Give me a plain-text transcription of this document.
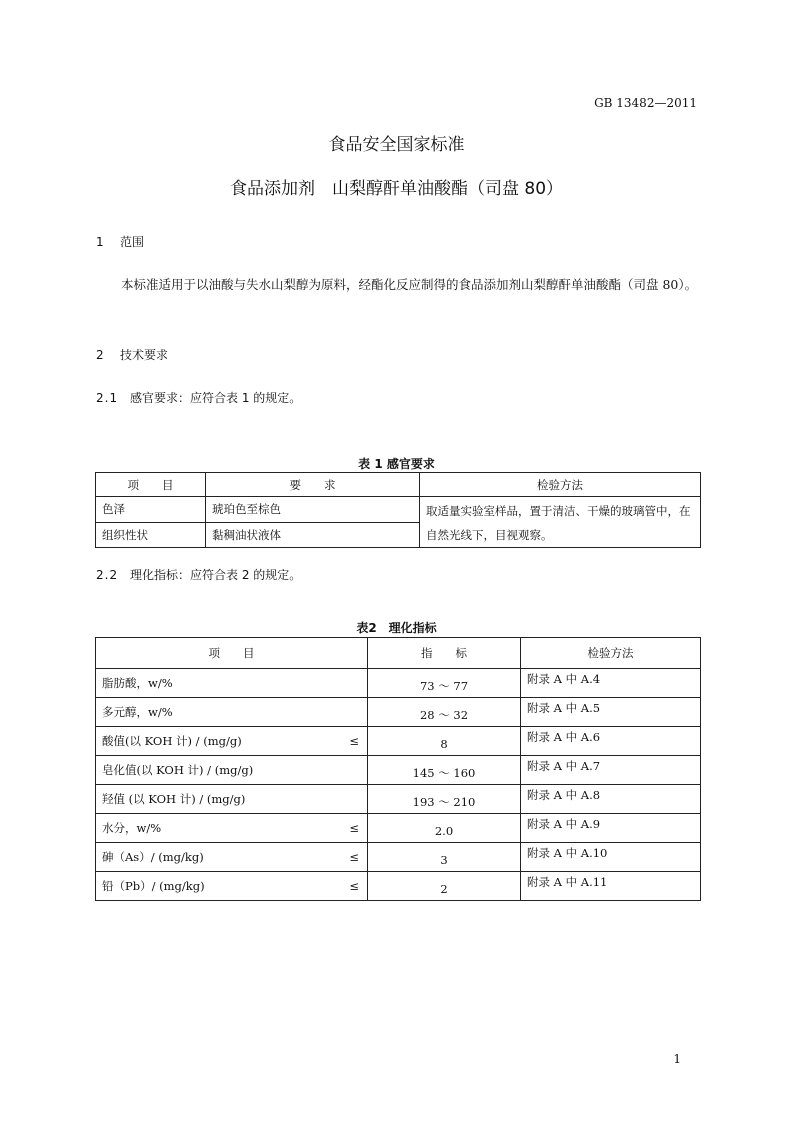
GB 13482—2011
食品安全国家标准
食品添加剂　山梨醇酐单油酸酯（司盘 80）
1 范围
本标准适用于以油酸与失水山梨醇为原料，经酯化反应制得的食品添加剂山梨醇酐单油酸酯（司盘 80）。
2 技术要求
2.1 感官要求：应符合表 1 的规定。
表 1 感官要求
项　　目	要　　求	检验方法
色泽	琥珀色至棕色	取适量实验室样品，置于清洁、干燥的玻璃管中，在自然光线下，目视观察。
组织性状	黏稠油状液体	
2.2 理化指标：应符合表 2 的规定。
表2　理化指标
项　　目	指　　标	检验方法
脂肪酸，w/%	73 ～ 77	附录 A 中 A.4
多元醇，w/%	28 ～ 32	附录 A 中 A.5
酸值(以 KOH 计) / (mg/g) ≤	8	附录 A 中 A.6
皂化值(以 KOH 计) / (mg/g)	145 ～ 160	附录 A 中 A.7
羟值 (以 KOH 计) / (mg/g)	193 ～ 210	附录 A 中 A.8
水分，w/% ≤	2.0	附录 A 中 A.9
砷（As）/ (mg/kg) ≤	3	附录 A 中 A.10
铅（Pb）/ (mg/kg) ≤	2	附录 A 中 A.11
1
